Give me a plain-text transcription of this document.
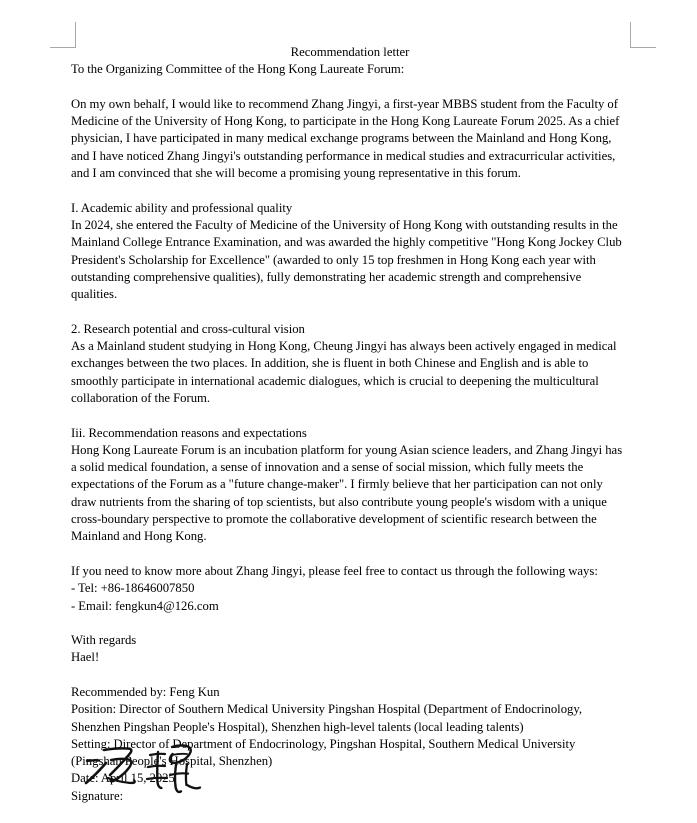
Recommendation letter

To the Organizing Committee of the Hong Kong Laureate Forum:

On my own behalf, I would like to recommend Zhang Jingyi, a first-year MBBS student from the Faculty of Medicine of the University of Hong Kong, to participate in the Hong Kong Laureate Forum 2025. As a chief physician, I have participated in many medical exchange programs between the Mainland and Hong Kong, and I have noticed Zhang Jingyi's outstanding performance in medical studies and extracurricular activities, and I am convinced that she will become a promising young representative in this forum.

I. Academic ability and professional quality

In 2024, she entered the Faculty of Medicine of the University of Hong Kong with outstanding results in the Mainland College Entrance Examination, and was awarded the highly competitive "Hong Kong Jockey Club President's Scholarship for Excellence" (awarded to only 15 top freshmen in Hong Kong each year with outstanding comprehensive qualities), fully demonstrating her academic strength and comprehensive qualities.

2. Research potential and cross-cultural vision

As a Mainland student studying in Hong Kong, Cheung Jingyi has always been actively engaged in medical exchanges between the two places. In addition, she is fluent in both Chinese and English and is able to smoothly participate in international academic dialogues, which is crucial to deepening the multicultural collaboration of the Forum.

Iii. Recommendation reasons and expectations

Hong Kong Laureate Forum is an incubation platform for young Asian science leaders, and Zhang Jingyi has a solid medical foundation, a sense of innovation and a sense of social mission, which fully meets the expectations of the Forum as a "future change-maker". I firmly believe that her participation can not only draw nutrients from the sharing of top scientists, but also contribute young people's wisdom with a unique cross-boundary perspective to promote the collaborative development of scientific research between the Mainland and Hong Kong.

If you need to know more about Zhang Jingyi, please feel free to contact us through the following ways:

- Tel: +86-18646007850

- Email: fengkun4@126.com

With regards

Hael!

Recommended by: Feng Kun

Position: Director of Southern Medical University Pingshan Hospital (Department of Endocrinology, Shenzhen Pingshan People's Hospital), Shenzhen high-level talents (local leading talents)

Setting: Director of Department of Endocrinology, Pingshan Hospital, Southern Medical University (Pingshan People's Hospital, Shenzhen)

Date: April 15, 2025

Signature:
